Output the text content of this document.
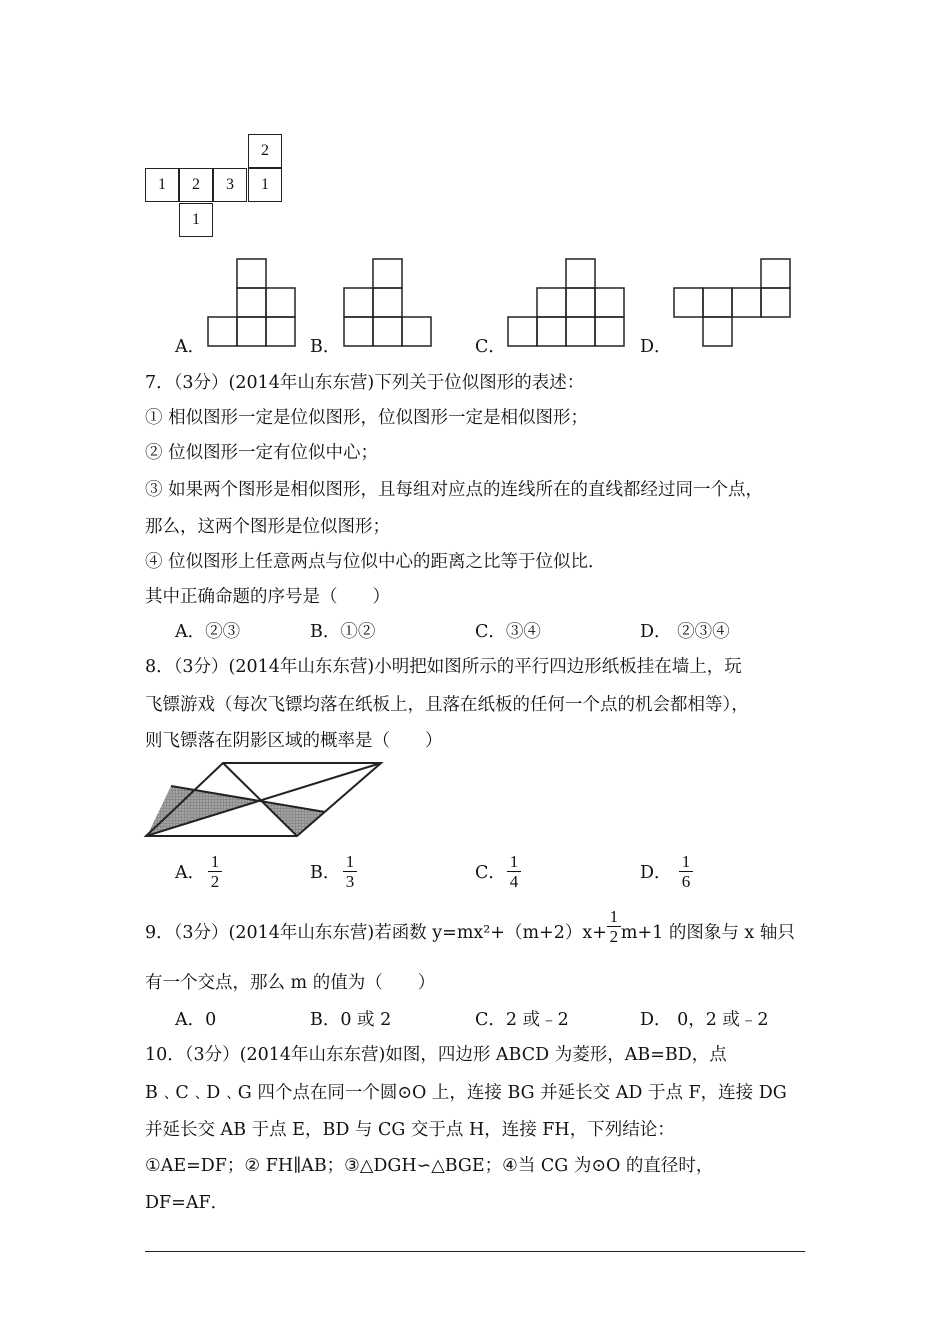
2
1	2	3	1
1
A．	B．	C．	D．
7．（3分）(2014年山东东营)下列关于位似图形的表述：
① 相似图形一定是位似图形，位似图形一定是相似图形；
② 位似图形一定有位似中心；
③ 如果两个图形是相似图形，且每组对应点的连线所在的直线都经过同一个点，
那么，这两个图形是位似图形；
④ 位似图形上任意两点与位似中心的距离之比等于位似比．
其中正确命题的序号是（　　）
A．②③	B．①②	C．③④	D． ②③④
8．（3分）(2014年山东东营)小明把如图所示的平行四边形纸板挂在墙上，玩
飞镖游戏（每次飞镖均落在纸板上，且落在纸板的任何一个点的机会都相等），
则飞镖落在阴影区域的概率是（　　）
A．
1
2	B．
1
3	C．
1
4	D．
1
6
9．（3分）(2014年山东东营)若函数 y=mx²+（m+2）x+
1
2 m+1 的图象与 x 轴只
有一个交点，那么 m 的值为（　　）
A．0	B．0 或 2	C．2 或﹣2	D． 0，2 或﹣2
10．（3分）(2014年山东东营)如图，四边形 ABCD 为菱形，AB=BD，点
B﹑C﹑D﹑G 四个点在同一个圆⊙O 上，连接 BG 并延长交 AD 于点 F，连接 DG
并延长交 AB 于点 E，BD 与 CG 交于点 H，连接 FH，下列结论：
①AE=DF；② FH∥AB；③△DGH∽△BGE；④当 CG 为⊙O 的直径时，
DF=AF．
